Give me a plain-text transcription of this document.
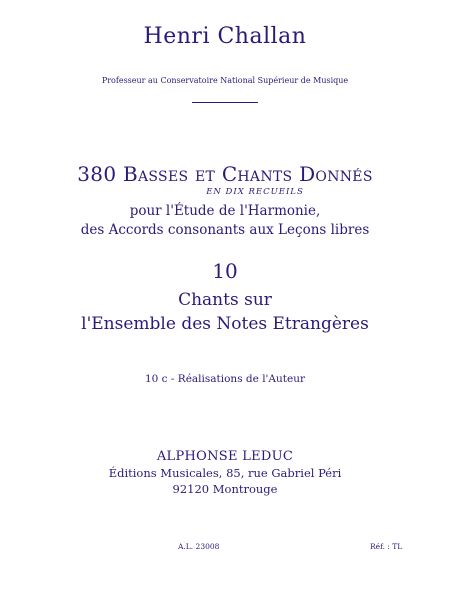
Henri Challan

Professeur au Conservatoire National Supérieur de Musique

380 Basses et Chants Donnés

EN DIX RECUEILS

pour l'Étude de l'Harmonie,

des Accords consonants aux Leçons libres

10

Chants sur

l'Ensemble des Notes Etrangères

10 c - Réalisations de l'Auteur

ALPHONSE LEDUC

Éditions Musicales, 85, rue Gabriel Péri

92120 Montrouge

A.L. 23008	Réf. : TL
